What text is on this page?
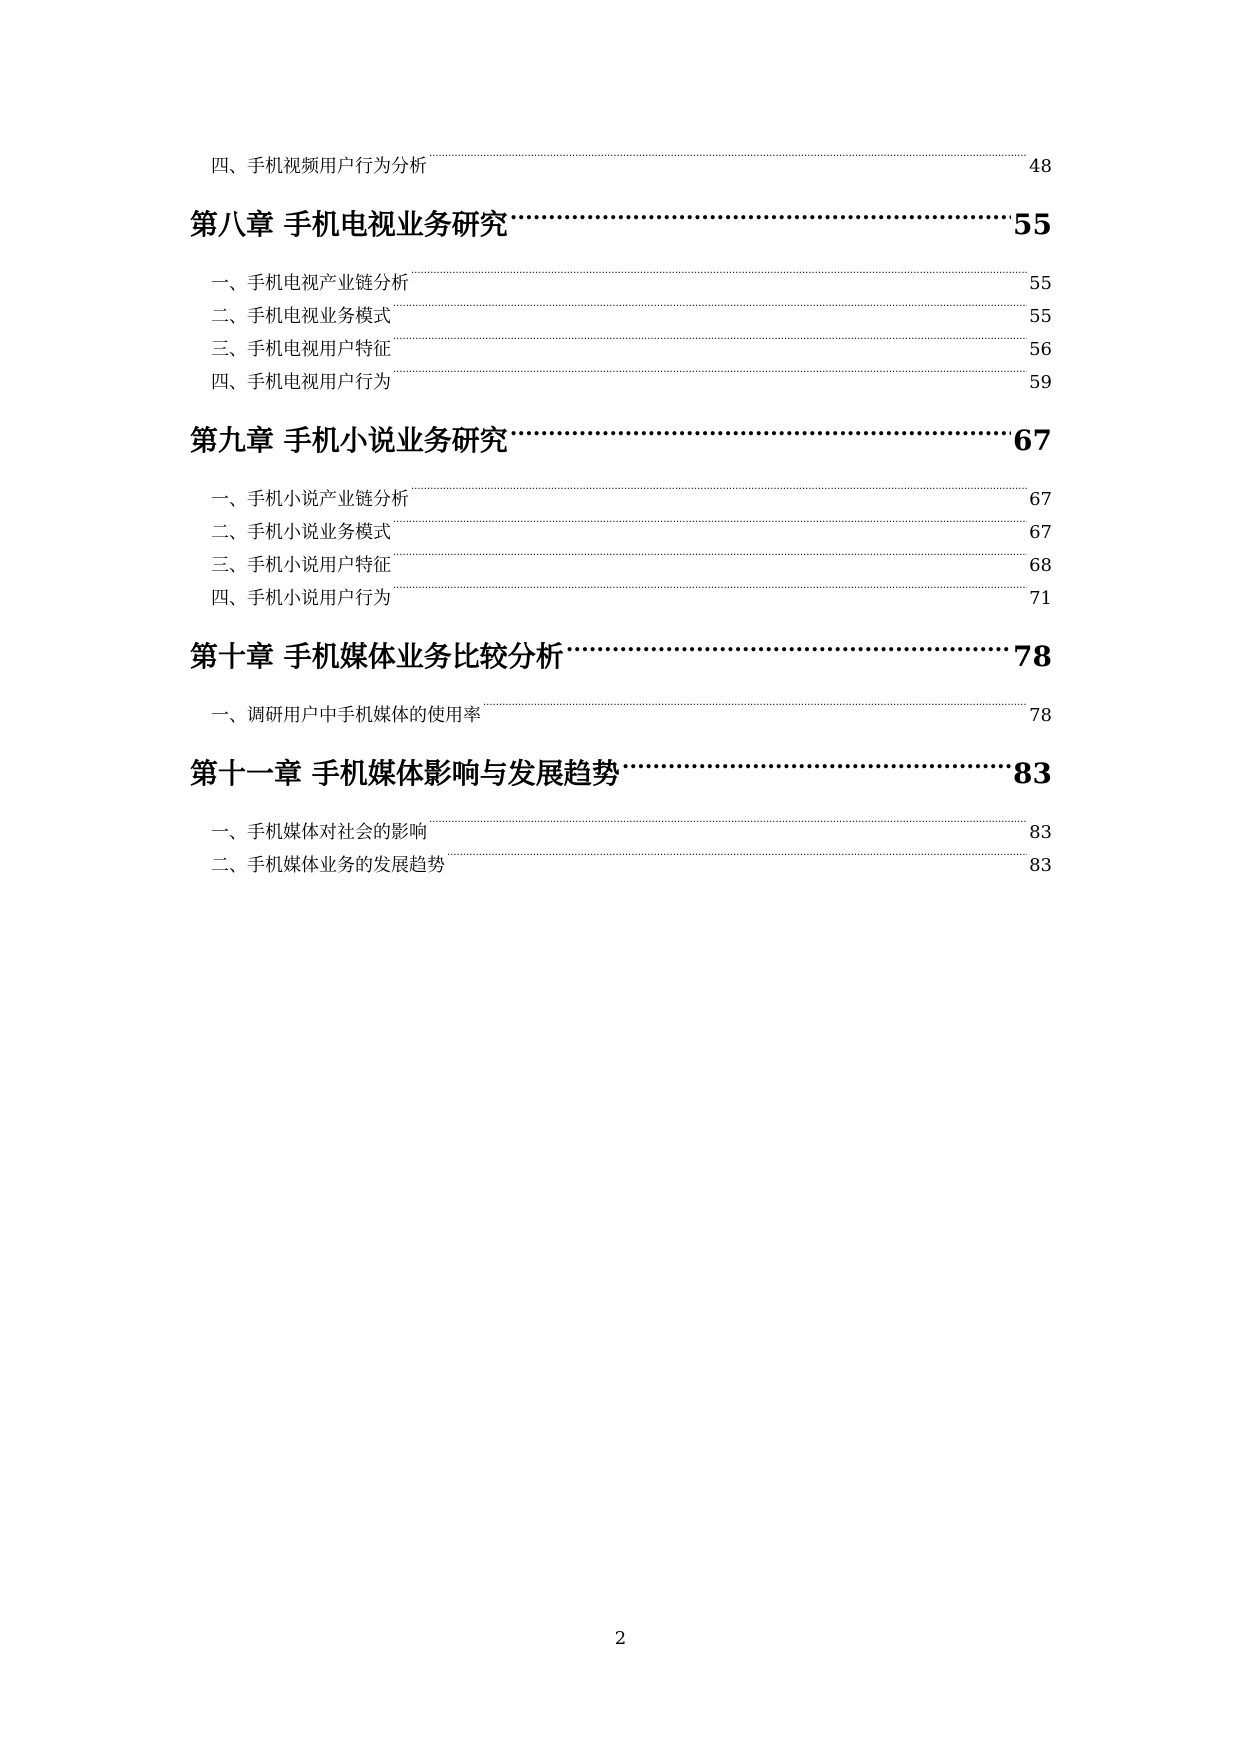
四、手机视频用户行为分析 .....	48
第八章 手机电视业务研究 .....	55
一、手机电视产业链分析 .....	55
二、手机电视业务模式 .....	55
三、手机电视用户特征 .....	56
四、手机电视用户行为 .....	59
第九章 手机小说业务研究 .....	67
一、手机小说产业链分析 .....	67
二、手机小说业务模式 .....	67
三、手机小说用户特征 .....	68
四、手机小说用户行为 .....	71
第十章 手机媒体业务比较分析 .....	78
一、调研用户中手机媒体的使用率 .....	78
第十一章 手机媒体影响与发展趋势 .....	83
一、手机媒体对社会的影响 .....	83
二、手机媒体业务的发展趋势 .....	83
2
